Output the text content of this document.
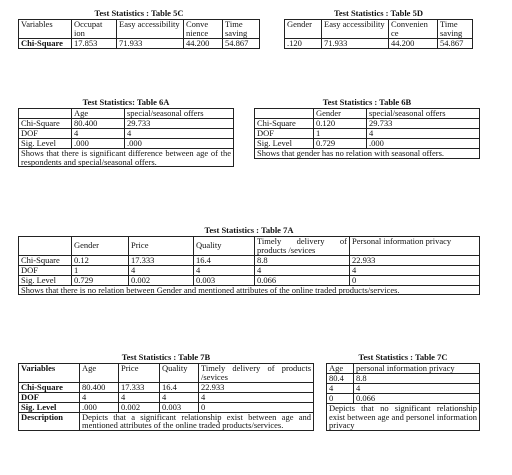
Test Statistics : Table 5C				
Variables	Occupat ion	Easy accessibility	Conve nience	Time saving
Chi-Square	17.853	71.933	44.200	54.867
Test Statistics : Table 5D			
Gender	Easy accessibility	Convenien ce	Time saving
.120	71.933	44.200	54.867
Test Statistics: Table 6A		
	Age	special/seasonal offers
Chi-Square	80.400	29.733
DOF	4	4
Sig. Level	.000	.000
Shows that there is significant difference between age of the respondents and special/seasonal offers.		
Test Statistics : Table 6B		
	Gender	special/seasonal offers
Chi-Square	0.120	29.733
DOF	1	4
Sig. Level	0.729	.000
Shows that gender has no relation with seasonal offers.		
Test Statistics : Table 7A					
	Gender	Price	Quality	Timely delivery of products /sevices	Personal information privacy
Chi-Square	0.12	17.333	16.4	8.8	22.933
DOF	1	4	4	4	4
Sig. Level	0.729	0.002	0.003	0.066	0
Shows that there is no relation between Gender and mentioned attributes of the online traded products/services.					
Test Statistics : Table 7B				
Variables	Age	Price	Quality	Timely delivery of products /sevices
Chi-Square	80.400	17.333	16.4	22.933
DOF	4	4	4	4
Sig. Level	.000	0.002	0.003	0
Description	Depicts that a significant relationship exist between age and mentioned attributes of the online traded products/services.			
Test Statistics : Table 7C	
Age	personal information privacy
80.4	8.8
4	4
0	0.066
Depicts that no significant relationship exist between age and personel information privacy	
